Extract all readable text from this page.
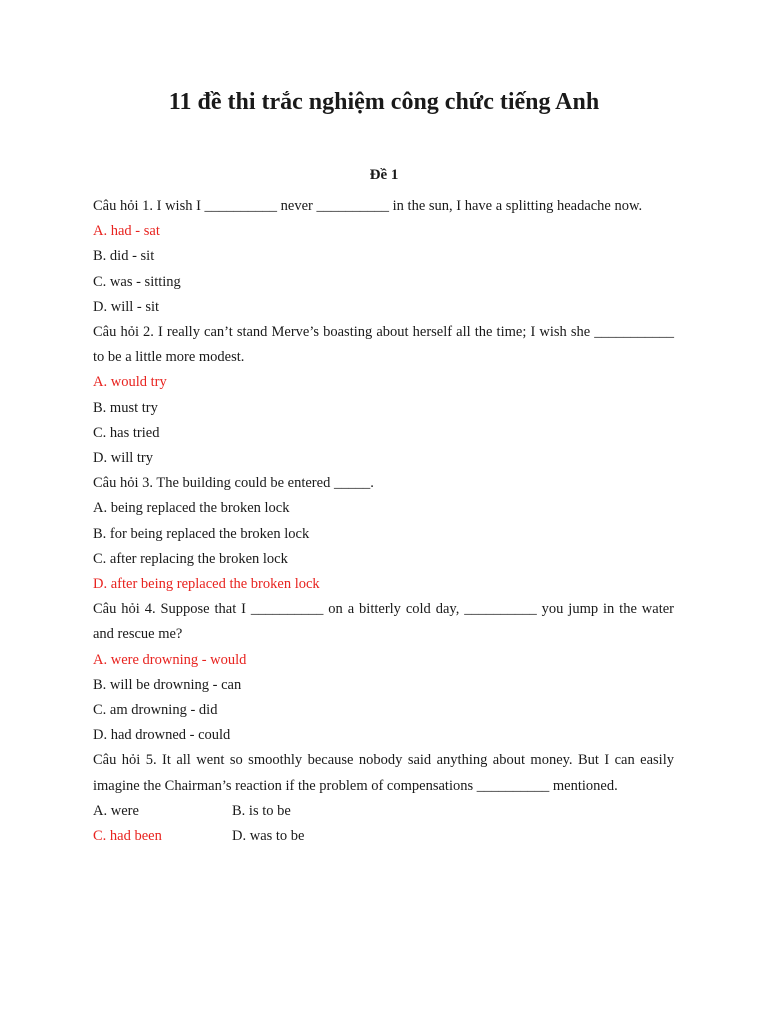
11 đề thi trắc nghiệm công chức tiếng Anh
Đề 1

Câu hỏi 1. I wish I __________ never __________ in the sun, I have a splitting headache now.

A. had - sat

B. did - sit

C. was - sitting

D. will - sit

Câu hỏi 2. I really can’t stand Merve’s boasting about herself all the time; I wish she ___________ to be a little more modest.

A. would try

B. must try

C. has tried

D. will try

Câu hỏi 3. The building could be entered _____.

A. being replaced the broken lock

B. for being replaced the broken lock

C. after replacing the broken lock

D. after being replaced the broken lock

Câu hỏi 4. Suppose that I __________ on a bitterly cold day, __________ you jump in the water and rescue me?

A. were drowning - would

B. will be drowning - can

C. am drowning - did

D. had drowned - could

Câu hỏi 5. It all went so smoothly because nobody said anything about money. But I can easily imagine the Chairman’s reaction if the problem of compensations __________ mentioned.

A. were	B. is to be
C. had been	D. was to be
